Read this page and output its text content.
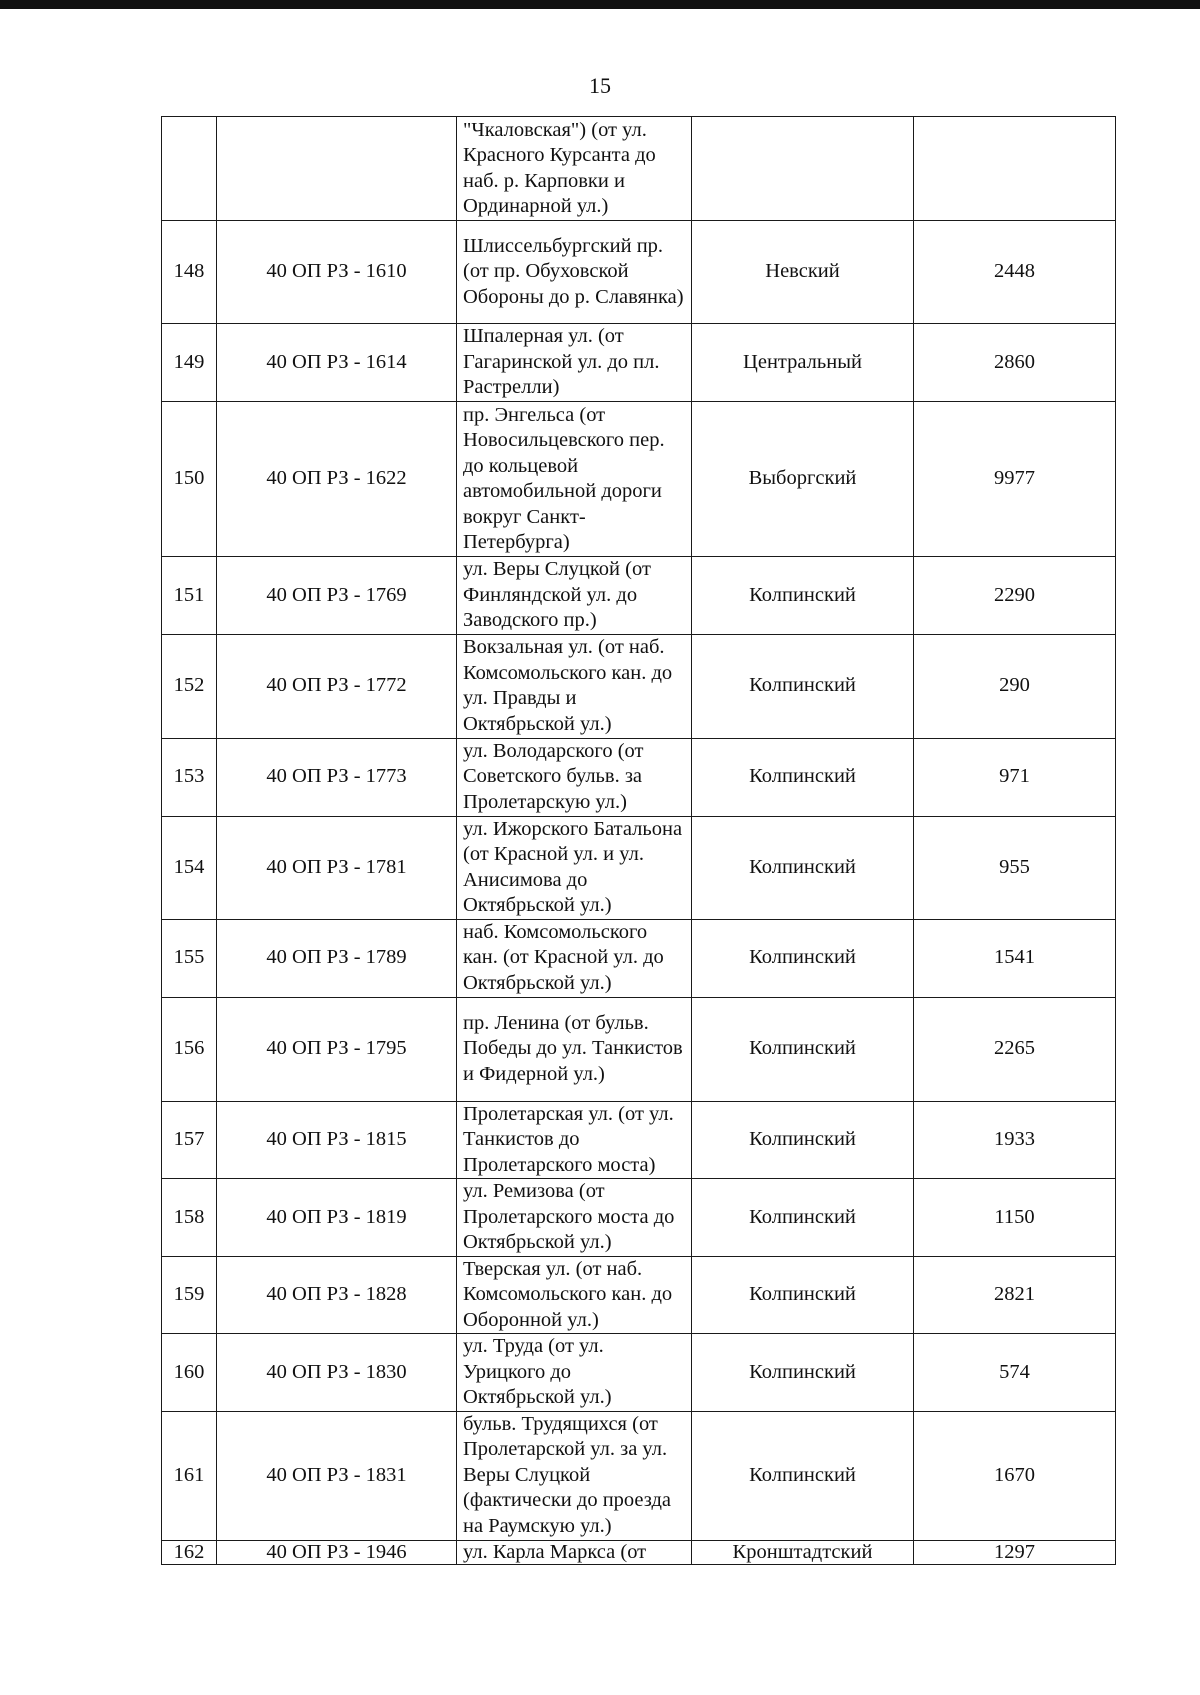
15
		"Чкаловская") (от ул. Красного Курсанта до наб. р. Карповки и Ординарной ул.)		
148	40 ОП РЗ - 1610	Шлиссельбургский пр. (от пр. Обуховской Обороны до р. Славянка)	Невский	2448
149	40 ОП РЗ - 1614	Шпалерная ул. (от Гагаринской ул. до пл. Растрелли)	Центральный	2860
150	40 ОП РЗ - 1622	пр. Энгельса (от Новосильцевского пер. до кольцевой автомобильной дороги вокруг Санкт-Петербурга)	Выборгский	9977
151	40 ОП РЗ - 1769	ул. Веры Слуцкой (от Финляндской ул. до Заводского пр.)	Колпинский	2290
152	40 ОП РЗ - 1772	Вокзальная ул. (от наб. Комсомольского кан. до ул. Правды и Октябрьской ул.)	Колпинский	290
153	40 ОП РЗ - 1773	ул. Володарского (от Советского бульв. за Пролетарскую ул.)	Колпинский	971
154	40 ОП РЗ - 1781	ул. Ижорского Батальона (от Красной ул. и ул. Анисимова до Октябрьской ул.)	Колпинский	955
155	40 ОП РЗ - 1789	наб. Комсомольского кан. (от Красной ул. до Октябрьской ул.)	Колпинский	1541
156	40 ОП РЗ - 1795	пр. Ленина (от бульв. Победы до ул. Танкистов и Фидерной ул.)	Колпинский	2265
157	40 ОП РЗ - 1815	Пролетарская ул. (от ул. Танкистов до Пролетарского моста)	Колпинский	1933
158	40 ОП РЗ - 1819	ул. Ремизова (от Пролетарского моста до Октябрьской ул.)	Колпинский	1150
159	40 ОП РЗ - 1828	Тверская ул. (от наб. Комсомольского кан. до Оборонной ул.)	Колпинский	2821
160	40 ОП РЗ - 1830	ул. Труда (от ул. Урицкого до Октябрьской ул.)	Колпинский	574
161	40 ОП РЗ - 1831	бульв. Трудящихся (от Пролетарской ул. за ул. Веры Слуцкой (фактически до проезда на Раумскую ул.)	Колпинский	1670
162	40 ОП РЗ - 1946	ул. Карла Маркса (от	Кронштадтский	1297
